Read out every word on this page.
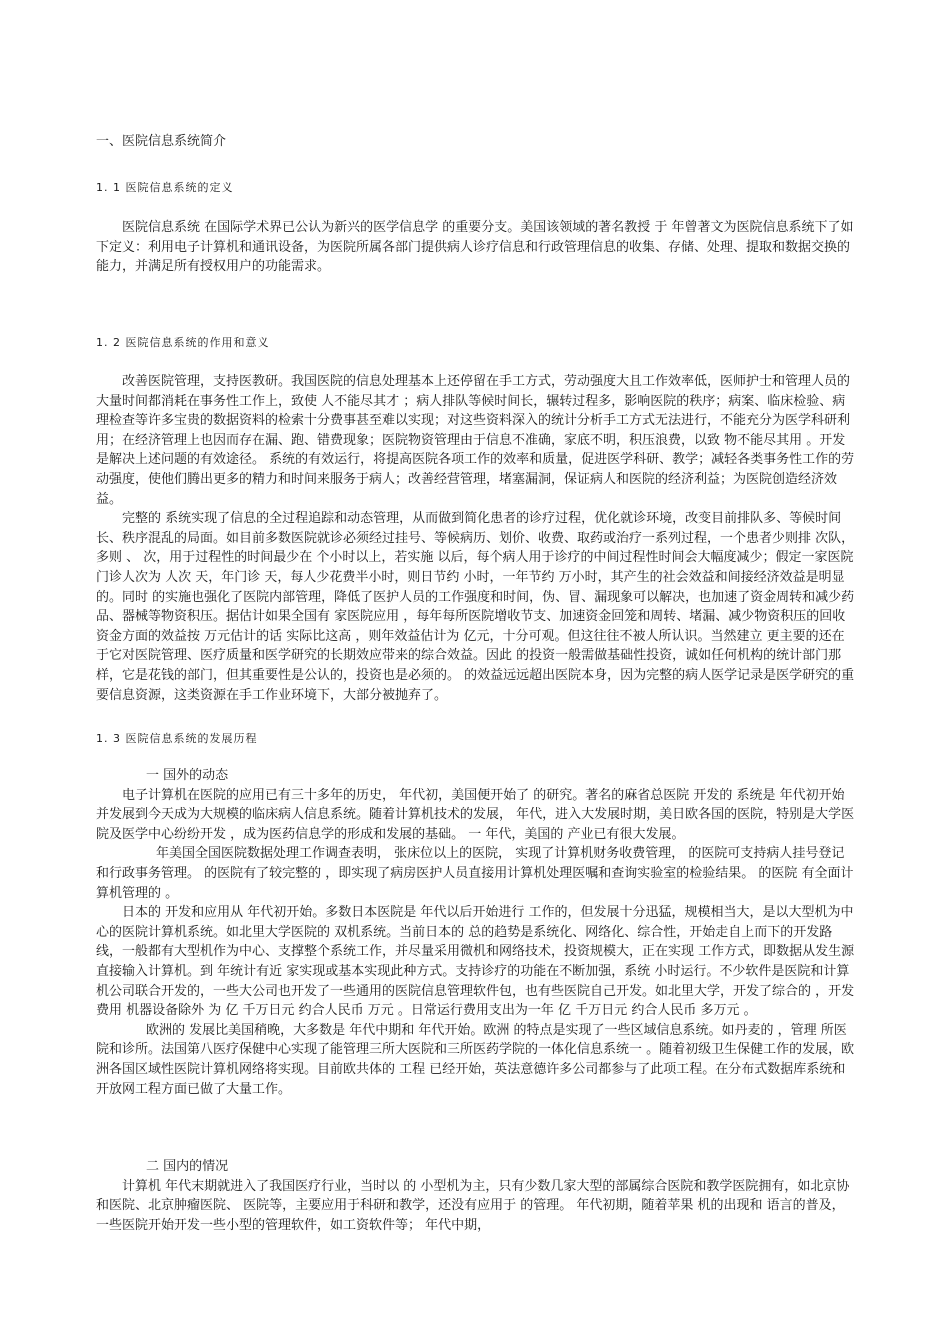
一、医院信息系统简介
1. 1 医院信息系统的定义

医院信息系统 在国际学术界已公认为新兴的医学信息学 的重要分支。美国该领域的著名教授 于 年曾著文为医院信息系统下了如下定义：利用电子计算机和通讯设备，为医院所属各部门提供病人诊疗信息和行政管理信息的收集、存储、处理、提取和数据交换的能力，并满足所有授权用户的功能需求。

1. 2 医院信息系统的作用和意义

改善医院管理，支持医教研。我国医院的信息处理基本上还停留在手工方式，劳动强度大且工作效率低，医师护士和管理人员的大量时间都消耗在事务性工作上，致使 人不能尽其才 ；病人排队等候时间长，辗转过程多，影响医院的秩序；病案、临床检验、病理检查等许多宝贵的数据资料的检索十分费事甚至难以实现；对这些资料深入的统计分析手工方式无法进行，不能充分为医学科研利用；在经济管理上也因而存在漏、跑、错费现象；医院物资管理由于信息不准确，家底不明，积压浪费，以致 物不能尽其用 。开发 是解决上述问题的有效途径。 系统的有效运行，将提高医院各项工作的效率和质量，促进医学科研、教学；减轻各类事务性工作的劳动强度，使他们腾出更多的精力和时间来服务于病人；改善经营管理，堵塞漏洞，保证病人和医院的经济利益；为医院创造经济效益。

完整的 系统实现了信息的全过程追踪和动态管理，从而做到简化患者的诊疗过程，优化就诊环境，改变目前排队多、等候时间长、秩序混乱的局面。如目前多数医院就诊必须经过挂号、等候病历、划价、收费、取药或治疗一系列过程，一个患者少则排 次队，多则 、 次，用于过程性的时间最少在 个小时以上，若实施 以后，每个病人用于诊疗的中间过程性时间会大幅度减少；假定一家医院门诊人次为 人次 天，年门诊 天，每人少花费半小时，则日节约 小时，一年节约 万小时，其产生的社会效益和间接经济效益是明显的。同时 的实施也强化了医院内部管理，降低了医护人员的工作强度和时间，伪、冒、漏现象可以解决，也加速了资金周转和减少药品、器械等物资积压。据估计如果全国有 家医院应用 ，每年每所医院增收节支、加速资金回笼和周转、堵漏、减少物资积压的回收资金方面的效益按 万元估计的话 实际比这高 ，则年效益估计为 亿元，十分可观。但这往往不被人所认识。当然建立 更主要的还在于它对医院管理、医疗质量和医学研究的长期效应带来的综合效益。因此 的投资一般需做基础性投资，诚如任何机构的统计部门那样，它是花钱的部门，但其重要性是公认的，投资也是必须的。 的效益远远超出医院本身，因为完整的病人医学记录是医学研究的重要信息资源，这类资源在手工作业环境下，大部分被抛弃了。

1. 3 医院信息系统的发展历程

一 国外的动态

电子计算机在医院的应用已有三十多年的历史， 年代初，美国便开始了 的研究。著名的麻省总医院 开发的 系统是 年代初开始并发展到今天成为大规模的临床病人信息系统。随着计算机技术的发展， 年代，进入大发展时期，美日欧各国的医院，特别是大学医院及医学中心纷纷开发 ，成为医药信息学的形成和发展的基础。 一 年代，美国的 产业已有很大发展。

年美国全国医院数据处理工作调查表明， 张床位以上的医院， 实现了计算机财务收费管理， 的医院可支持病人挂号登记和行政事务管理。 的医院有了较完整的 ，即实现了病房医护人员直接用计算机处理医嘱和查询实验室的检验结果。 的医院 有全面计算机管理的 。

日本的 开发和应用从 年代初开始。多数日本医院是 年代以后开始进行 工作的，但发展十分迅猛，规模相当大，是以大型机为中心的医院计算机系统。如北里大学医院的 双机系统。当前日本的 总的趋势是系统化、网络化、综合性，开始走自上而下的开发路线，一般都有大型机作为中心、支撑整个系统工作，并尽量采用微机和网络技术，投资规模大，正在实现 工作方式，即数据从发生源直接输入计算机。到 年统计有近 家实现或基本实现此种方式。支持诊疗的功能在不断加强，系统 小时运行。不少软件是医院和计算机公司联合开发的，一些大公司也开发了一些通用的医院信息管理软件包，也有些医院自己开发。如北里大学，开发了综合的 ，开发费用 机器设备除外 为 亿 千万日元 约合人民币 万元 。日常运行费用支出为一年 亿 千万日元 约合人民币 多万元 。

欧洲的 发展比美国稍晚，大多数是 年代中期和 年代开始。欧洲 的特点是实现了一些区域信息系统。如丹麦的 ，管理 所医院和诊所。法国第八医疗保健中心实现了能管理三所大医院和三所医药学院的一体化信息系统一 。随着初级卫生保健工作的发展，欧洲各国区域性医院计算机网络将实现。目前欧共体的 工程 已经开始，英法意德许多公司都参与了此项工程。在分布式数据库系统和开放网工程方面已做了大量工作。

二 国内的情况

计算机 年代末期就进入了我国医疗行业，当时以 的 小型机为主，只有少数几家大型的部属综合医院和教学医院拥有，如北京协和医院、北京肿瘤医院、 医院等，主要应用于科研和教学，还没有应用于 的管理。 年代初期，随着苹果 机的出现和 语言的普及，一些医院开始开发一些小型的管理软件，如工资软件等； 年代中期，
